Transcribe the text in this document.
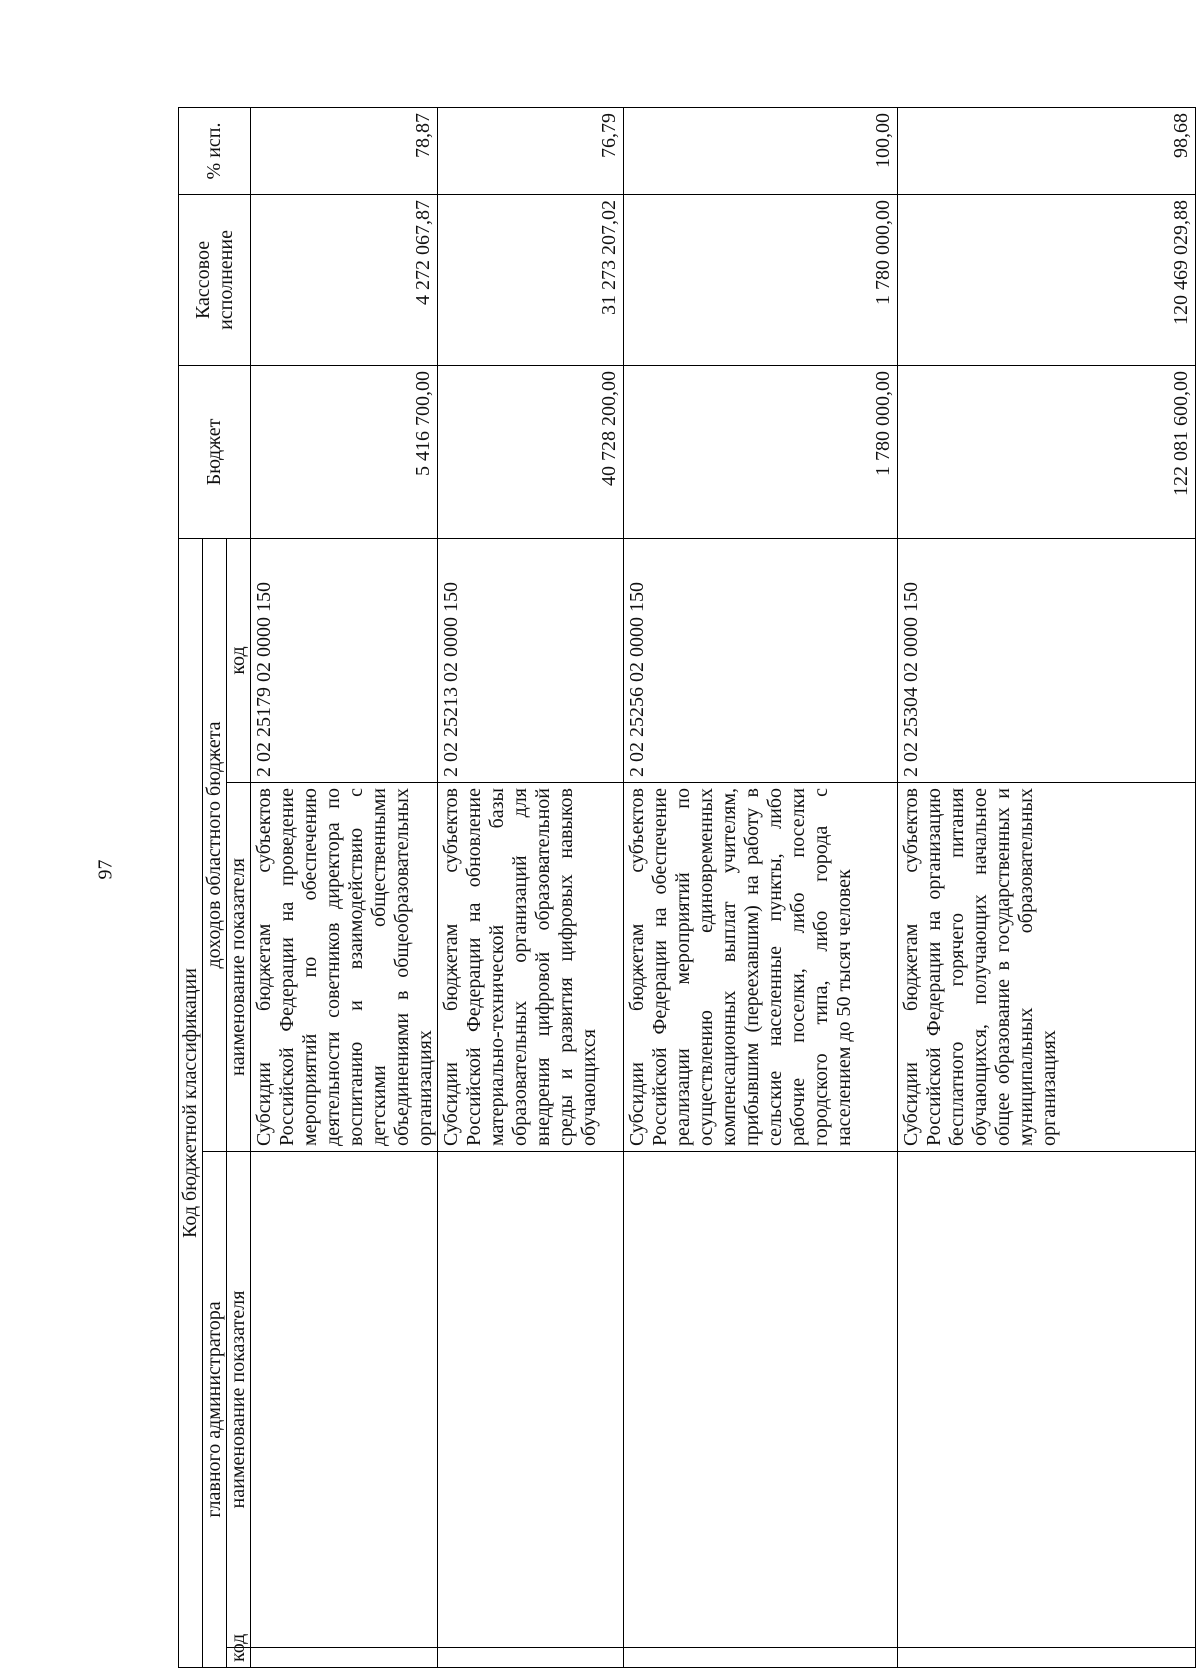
97
Код бюджетной классификации				Бюджет	Кассовое исполнение	% исп.
главного администратора		доходов областного бюджета				
код	наименование показателя	наименование показателя	код			
		Субсидии бюджетам субъектов Российской Федерации на проведение мероприятий по обеспечению деятельности советников директора по воспитанию и взаимодействию с детскими общественными объединениями в общеобразовательных организациях	2 02 25179 02 0000 150	5 416 700,00	4 272 067,87	78,87
		Субсидии бюджетам субъектов Российской Федерации на обновление материально-технической базы образовательных организаций для внедрения цифровой образовательной среды и развития цифровых навыков обучающихся	2 02 25213 02 0000 150	40 728 200,00	31 273 207,02	76,79
		Субсидии бюджетам субъектов Российской Федерации на обеспечение реализации мероприятий по осуществлению единовременных компенсационных выплат учителям, прибывшим (переехавшим) на работу в сельские населенные пункты, либо рабочие поселки, либо поселки городского типа, либо города с населением до 50 тысяч человек	2 02 25256 02 0000 150	1 780 000,00	1 780 000,00	100,00
		Субсидии бюджетам субъектов Российской Федерации на организацию бесплатного горячего питания обучающихся, получающих начальное общее образование в государственных и муниципальных образовательных организациях	2 02 25304 02 0000 150	122 081 600,00	120 469 029,88	98,68
